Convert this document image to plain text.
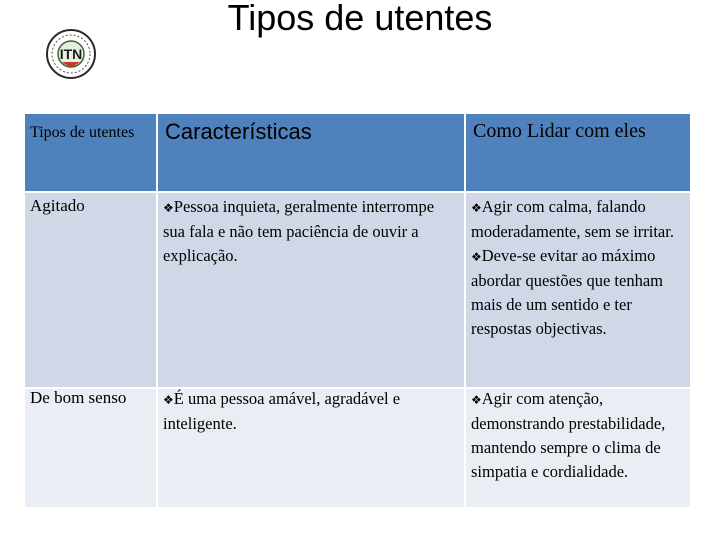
Tipos de utentes
ITN
Tipos de utentes	Características	Como Lidar com eles

Agitado	❖Pessoa inquieta, geralmente interrompe sua fala e não tem paciência de ouvir a explicação.	❖Agir com calma, falando moderadamente, sem se irritar.
❖Deve-se evitar ao máximo abordar questões que tenham mais de um sentido e ter respostas objectivas.

De bom senso	❖É uma pessoa amável, agradável e inteligente.	❖Agir com atenção, demonstrando prestabilidade, mantendo sempre o clima de simpatia e cordialidade.
